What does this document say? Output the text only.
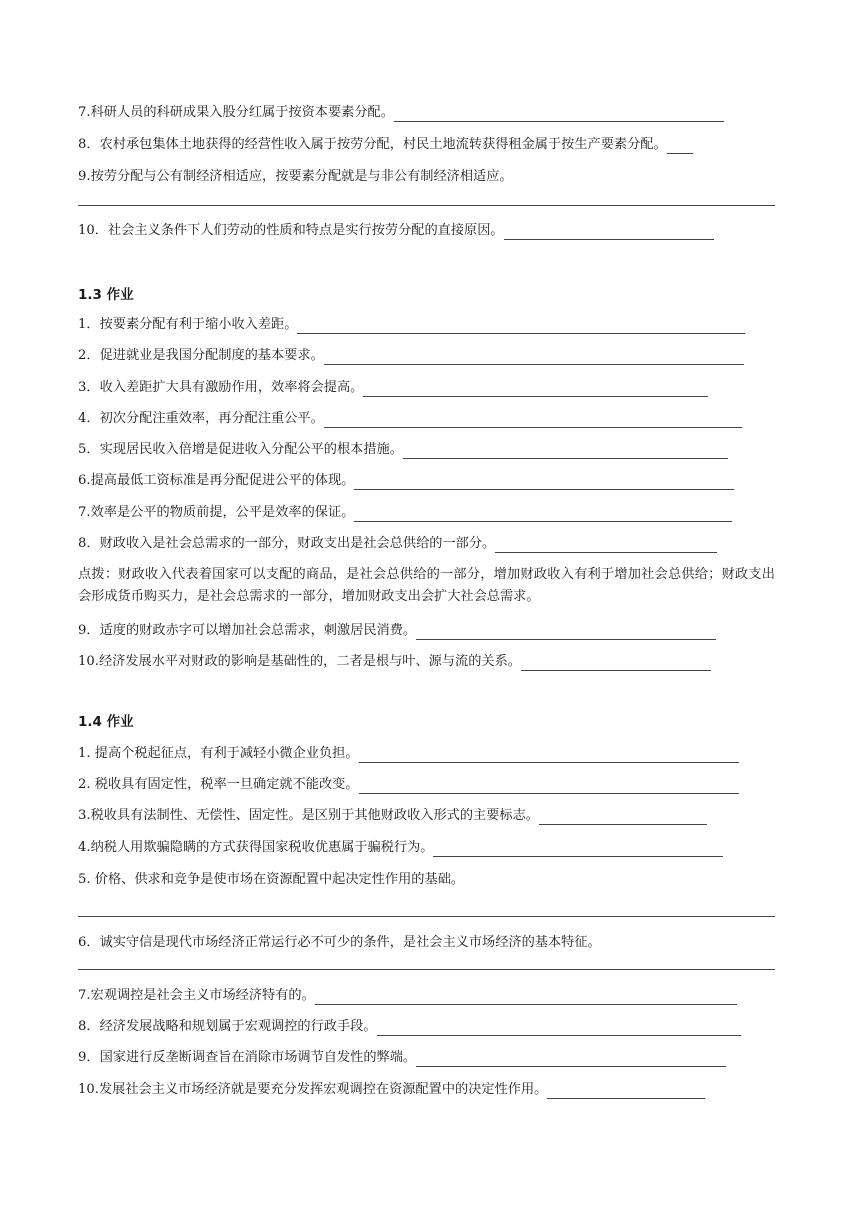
7.科研人员的科研成果入股分红属于按资本要素分配。
8．农村承包集体土地获得的经营性收入属于按劳分配，村民土地流转获得租金属于按生产要素分配。
9.按劳分配与公有制经济相适应，按要素分配就是与非公有制经济相适应。
10．社会主义条件下人们劳动的性质和特点是实行按劳分配的直接原因。
1.3 作业
1．按要素分配有利于缩小收入差距。
2．促进就业是我国分配制度的基本要求。
3．收入差距扩大具有激励作用，效率将会提高。
4．初次分配注重效率，再分配注重公平。
5．实现居民收入倍增是促进收入分配公平的根本措施。
6.提高最低工资标准是再分配促进公平的体现。
7.效率是公平的物质前提，公平是效率的保证。
8．财政收入是社会总需求的一部分，财政支出是社会总供给的一部分。
点拨：财政收入代表着国家可以支配的商品，是社会总供给的一部分，增加财政收入有利于增加社会总供给；财政支出会形成货币购买力，是社会总需求的一部分，增加财政支出会扩大社会总需求。
9．适度的财政赤字可以增加社会总需求，刺激居民消费。
10.经济发展水平对财政的影响是基础性的，二者是根与叶、源与流的关系。
1.4 作业
1. 提高个税起征点，有利于减轻小微企业负担。
2. 税收具有固定性，税率一旦确定就不能改变。
3.税收具有法制性、无偿性、固定性。是区别于其他财政收入形式的主要标志。
4.纳税人用欺骗隐瞒的方式获得国家税收优惠属于骗税行为。
5. 价格、供求和竞争是使市场在资源配置中起决定性作用的基础。
6．诚实守信是现代市场经济正常运行必不可少的条件，是社会主义市场经济的基本特征。
7.宏观调控是社会主义市场经济特有的。
8．经济发展战略和规划属于宏观调控的行政手段。
9．国家进行反垄断调查旨在消除市场调节自发性的弊端。
10.发展社会主义市场经济就是要充分发挥宏观调控在资源配置中的决定性作用。
